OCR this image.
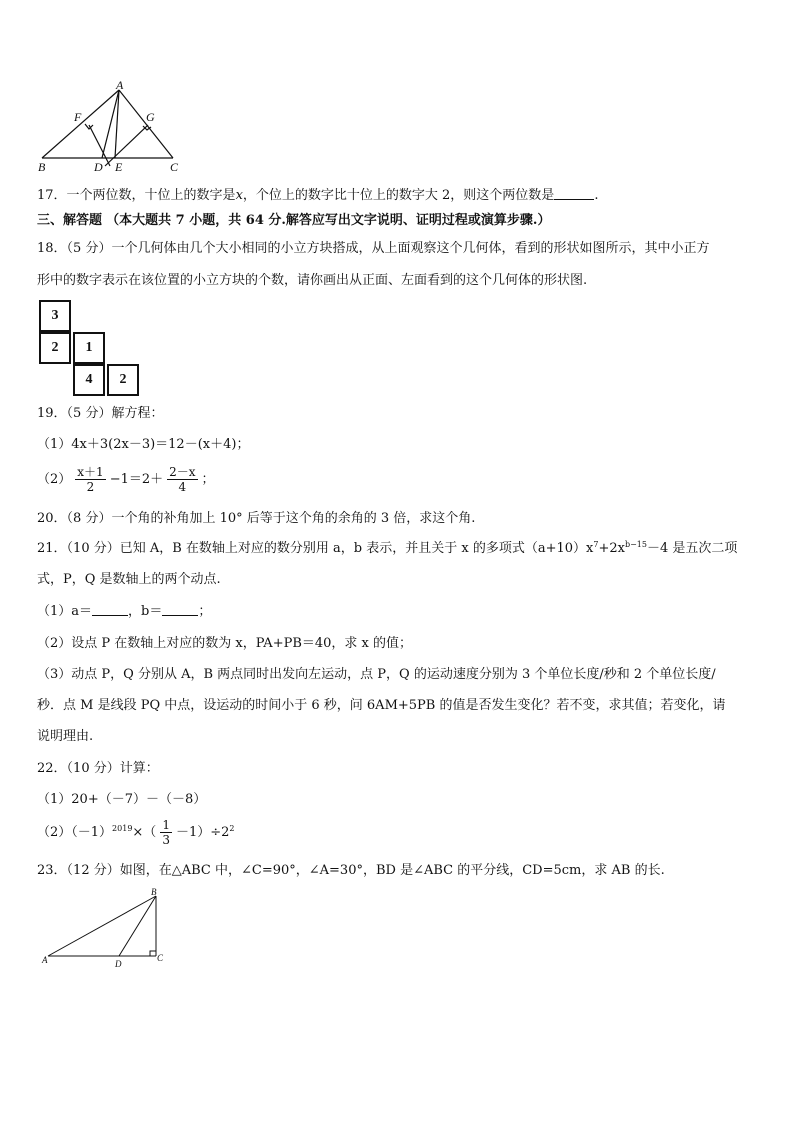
A
B	C
D E
F	G
17．一个两位数，十位上的数字是x，个位上的数字比十位上的数字大 2，则这个两位数是	.
三、解答题 （本大题共 7 小题，共 64 分.解答应写出文字说明、证明过程或演算步骤.）
18．（5 分）一个几何体由几个大小相同的小立方块搭成，从上面观察这个几何体，看到的形状如图所示，其中小正方
形中的数字表示在该位置的小立方块的个数，请你画出从正面、左面看到的这个几何体的形状图.
3
2	1
4	2
19．（5 分）解方程：
（1）4x＋3(2x－3)＝12－(x＋4)；
$(2) \frac{x+1}{2} -1=2+ \frac{2-x}{4}$ ；
20．（8 分）一个角的补角加上 10° 后等于这个角的余角的 3 倍，求这个角.
21．（10 分）已知 A，B 在数轴上对应的数分别用 a，b 表示，并且关于 x 的多项式$(a+10)x^7+2x^{b-15}-4$ 是五次二项
式，P，Q 是数轴上的两个动点.
（1）a＝	，b＝	；
（2）设点 P 在数轴上对应的数为 x，PA+PB＝40，求 x 的值；
（3）动点 P，Q 分别从 A，B 两点同时出发向左运动，点 P，Q 的运动速度分别为 3 个单位长度/秒和 2 个单位长度/
秒．点 M 是线段 PQ 中点，设运动的时间小于 6 秒，问 6AM+5PB 的值是否发生变化？若不变，求其值；若变化，请
说明理由.
22．（10 分）计算：
（1）20+（－7）－（－8）
$(2)(-1)^{2019}\times( \frac{1}{3} -1)\div 2^2$
23．（12 分）如图，在△ABC 中，∠C=90°，∠A=30°，BD 是∠ABC 的平分线，CD=5cm，求 AB 的长.
A
B
C
D
